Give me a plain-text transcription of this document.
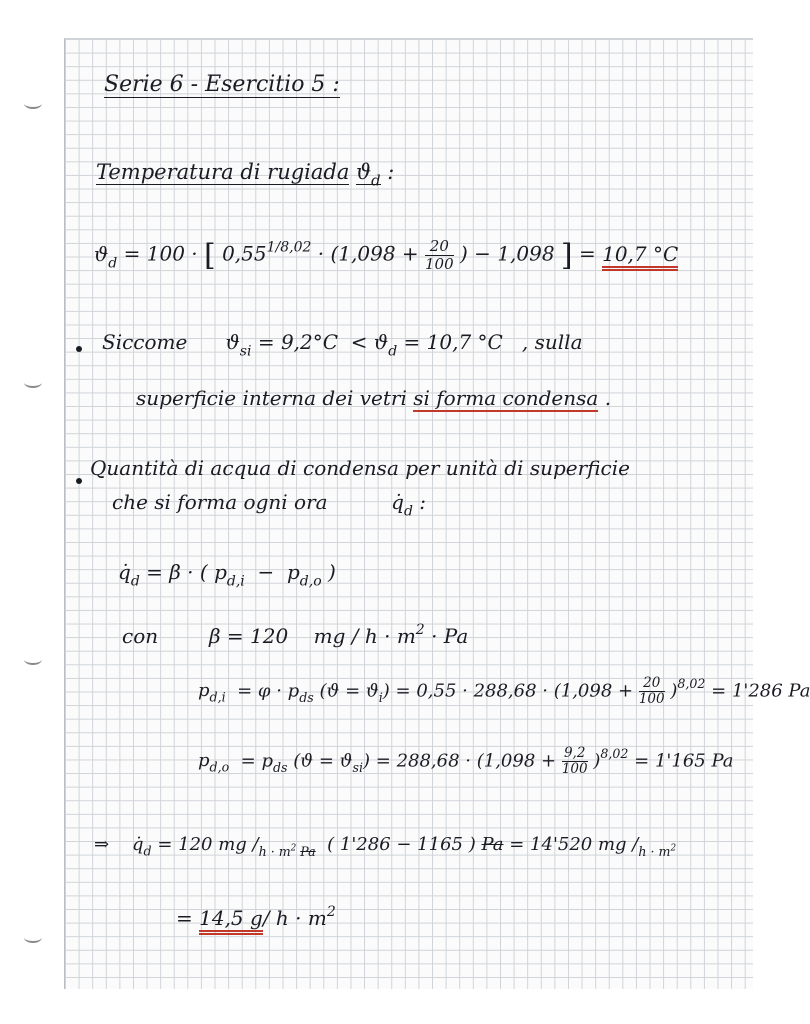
Serie 6 - Esercitio 5 :
Temperatura di rugiada $ϑ_d$ :
$ϑ_d = 100$ · [ $0,55^{1/8,02} \cdot (1,098 + \frac{20}{100}$ ) − 1,098 ] = 10,7 °C
Siccome $ϑ_{si} = 9,2^\circ C < ϑ_d = 10,7$ °C , sulla
superficie interna dei vetri si forma condensa .
Quantità di acqua di condensa per unità di superficie
che si forma ogni ora	$q̇_d$ :
$q̇_d = \beta$ · ( $p_{d,i} - p_{d,o}$ )
con	β = 120 mg / $h \cdot m^2 \cdot Pa$
$p_{d,i} = \varphi \cdot p_{ds}$ $(ϑ = ϑ_i) = 0,55 \cdot 288,68 \cdot (1,098 + \frac{20}{100} )^{8,02} = 1'286$ Pa
$p_{d,o} = p_{ds}$ $(ϑ = ϑ_{si}) = 288,68 \cdot (1,098 + \frac{9,2}{100} )^{8,02} = 1'165$ Pa
⇒ $q̇_d = 120$ mg $/_{h \cdot m^2 Pa}$ ( 1'286 − 1165 ) Pa = 14'520 mg $/_{h \cdot m^2}$
= 14,5 g/ $h \cdot m^2$
